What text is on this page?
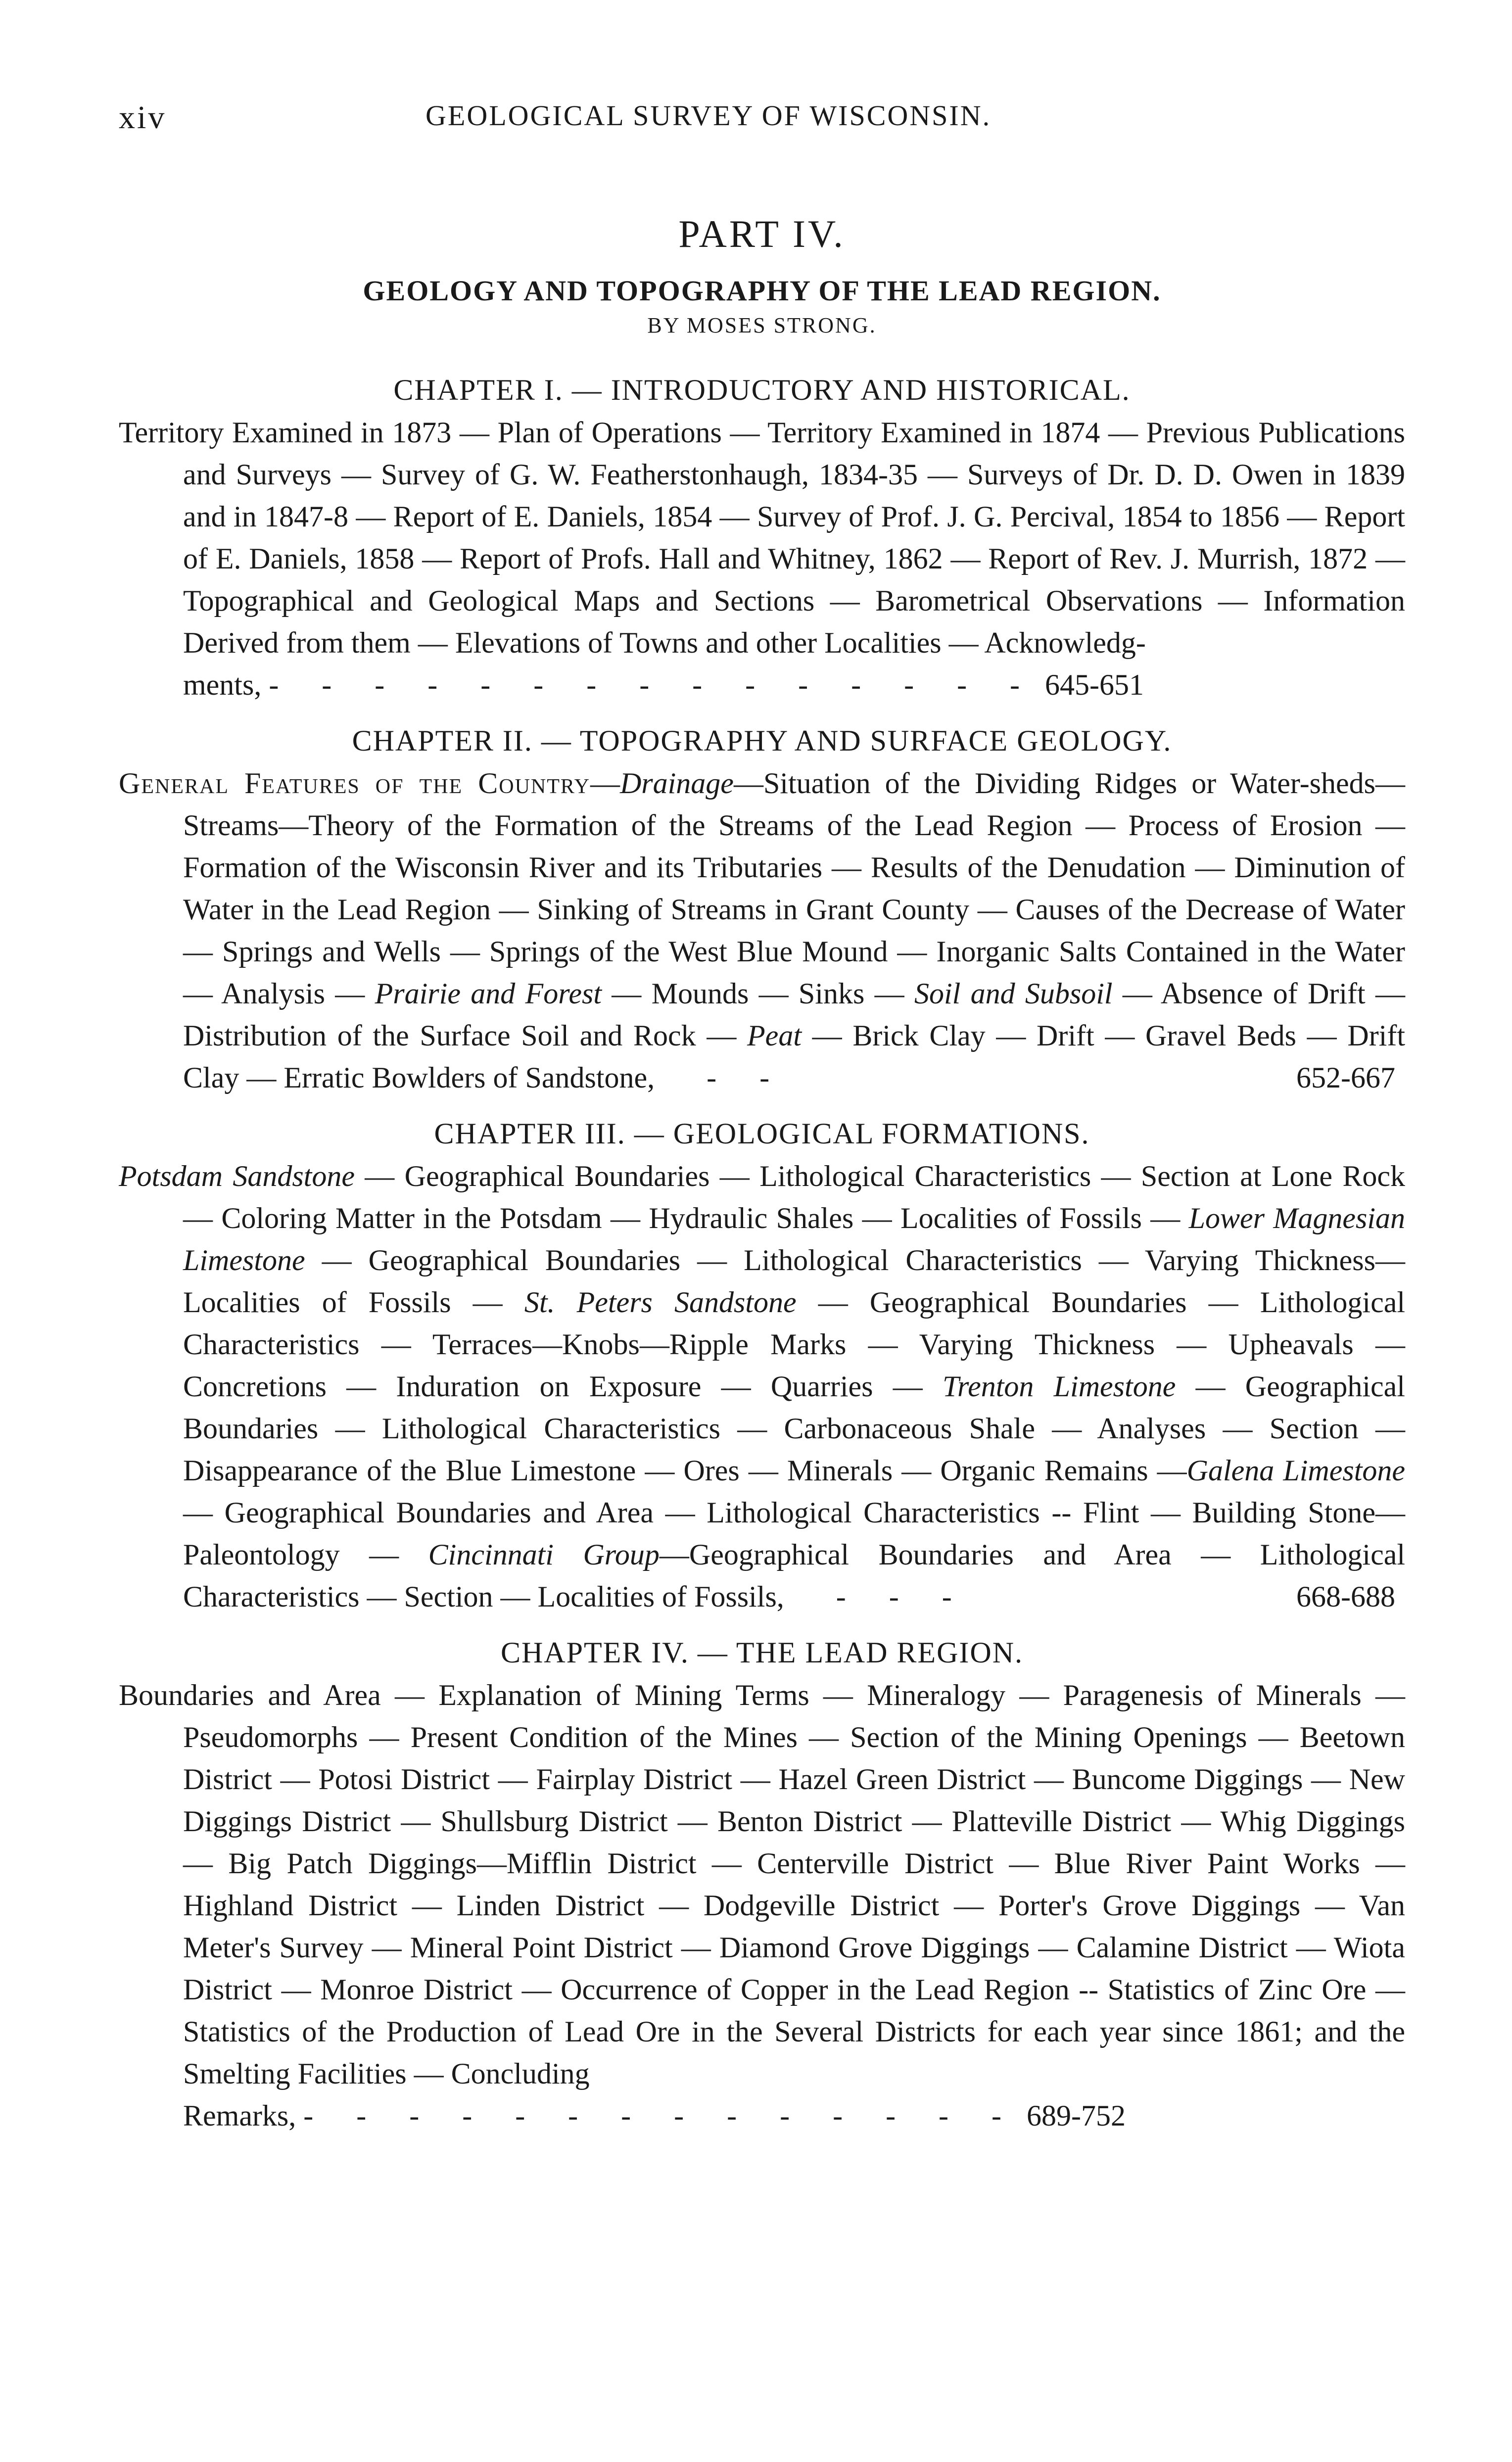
xiv	GEOLOGICAL SURVEY OF WISCONSIN.
PART IV.
GEOLOGY AND TOPOGRAPHY OF THE LEAD REGION.
BY MOSES STRONG.
CHAPTER I. — INTRODUCTORY AND HISTORICAL.

Territory Examined in 1873 — Plan of Operations — Territory Examined in 1874 — Previous Publications and Surveys — Survey of G. W. Featherstonhaugh, 1834-35 — Surveys of Dr. D. D. Owen in 1839 and in 1847-8 — Report of E. Daniels, 1854 — Survey of Prof. J. G. Percival, 1854 to 1856 — Report of E. Daniels, 1858 — Report of Profs. Hall and Whitney, 1862 — Report of Rev. J. Murrish, 1872 — Topographical and Geological Maps and Sections — Barometrical Observations — Information Derived from them — Elevations of Towns and other Localities — Acknowledg-
ments, - - - - - - - - - - - - - - - 645-651

CHAPTER II. — TOPOGRAPHY AND SURFACE GEOLOGY.

General Features of the Country—Drainage—Situation of the Dividing Ridges or Water-sheds—Streams—Theory of the Formation of the Streams of the Lead Region — Process of Erosion — Formation of the Wisconsin River and its Tributaries — Results of the Denudation — Diminution of Water in the Lead Region — Sinking of Streams in Grant County — Causes of the Decrease of Water — Springs and Wells — Springs of the West Blue Mound — Inorganic Salts Contained in the Water — Analysis — Prairie and Forest — Mounds — Sinks — Soil and Subsoil — Absence of Drift — Distribution of the Surface Soil and Rock — Peat — Brick Clay — Drift — Gravel Beds — Drift Clay — Erratic Bowlders of Sandstone, - -	652-667

CHAPTER III. — GEOLOGICAL FORMATIONS.

Potsdam Sandstone — Geographical Boundaries — Lithological Characteristics — Section at Lone Rock — Coloring Matter in the Potsdam — Hydraulic Shales — Localities of Fossils — Lower Magnesian Limestone — Geographical Boundaries — Lithological Characteristics — Varying Thickness—Localities of Fossils — St. Peters Sandstone — Geographical Boundaries — Lithological Characteristics — Terraces—Knobs—Ripple Marks — Varying Thickness — Upheavals — Concretions — Induration on Exposure — Quarries — Trenton Limestone — Geographical Boundaries — Lithological Characteristics — Carbonaceous Shale — Analyses — Section — Disappearance of the Blue Limestone — Ores — Minerals — Organic Remains —Galena Limestone — Geographical Boundaries and Area — Lithological Characteristics -- Flint — Building Stone— Paleontology — Cincinnati Group—Geographical Boundaries and Area — Lithological Characteristics — Section — Localities of Fossils, - - -	668-688

CHAPTER IV. — THE LEAD REGION.

Boundaries and Area — Explanation of Mining Terms — Mineralogy — Paragenesis of Minerals — Pseudomorphs — Present Condition of the Mines — Section of the Mining Openings — Beetown District — Potosi District — Fairplay District — Hazel Green District — Buncome Diggings — New Diggings District — Shullsburg District — Benton District — Platteville District — Whig Diggings — Big Patch Diggings—Mifflin District — Centerville District — Blue River Paint Works — Highland District — Linden District — Dodgeville District — Porter's Grove Diggings — Van Meter's Survey — Mineral Point District — Diamond Grove Diggings — Calamine District — Wiota District — Monroe District — Occurrence of Copper in the Lead Region -- Statistics of Zinc Ore — Statistics of the Production of Lead Ore in the Several Districts for each year since 1861; and the Smelting Facilities — Concluding
Remarks, - - - - - - - - - - - - - - 689-752
